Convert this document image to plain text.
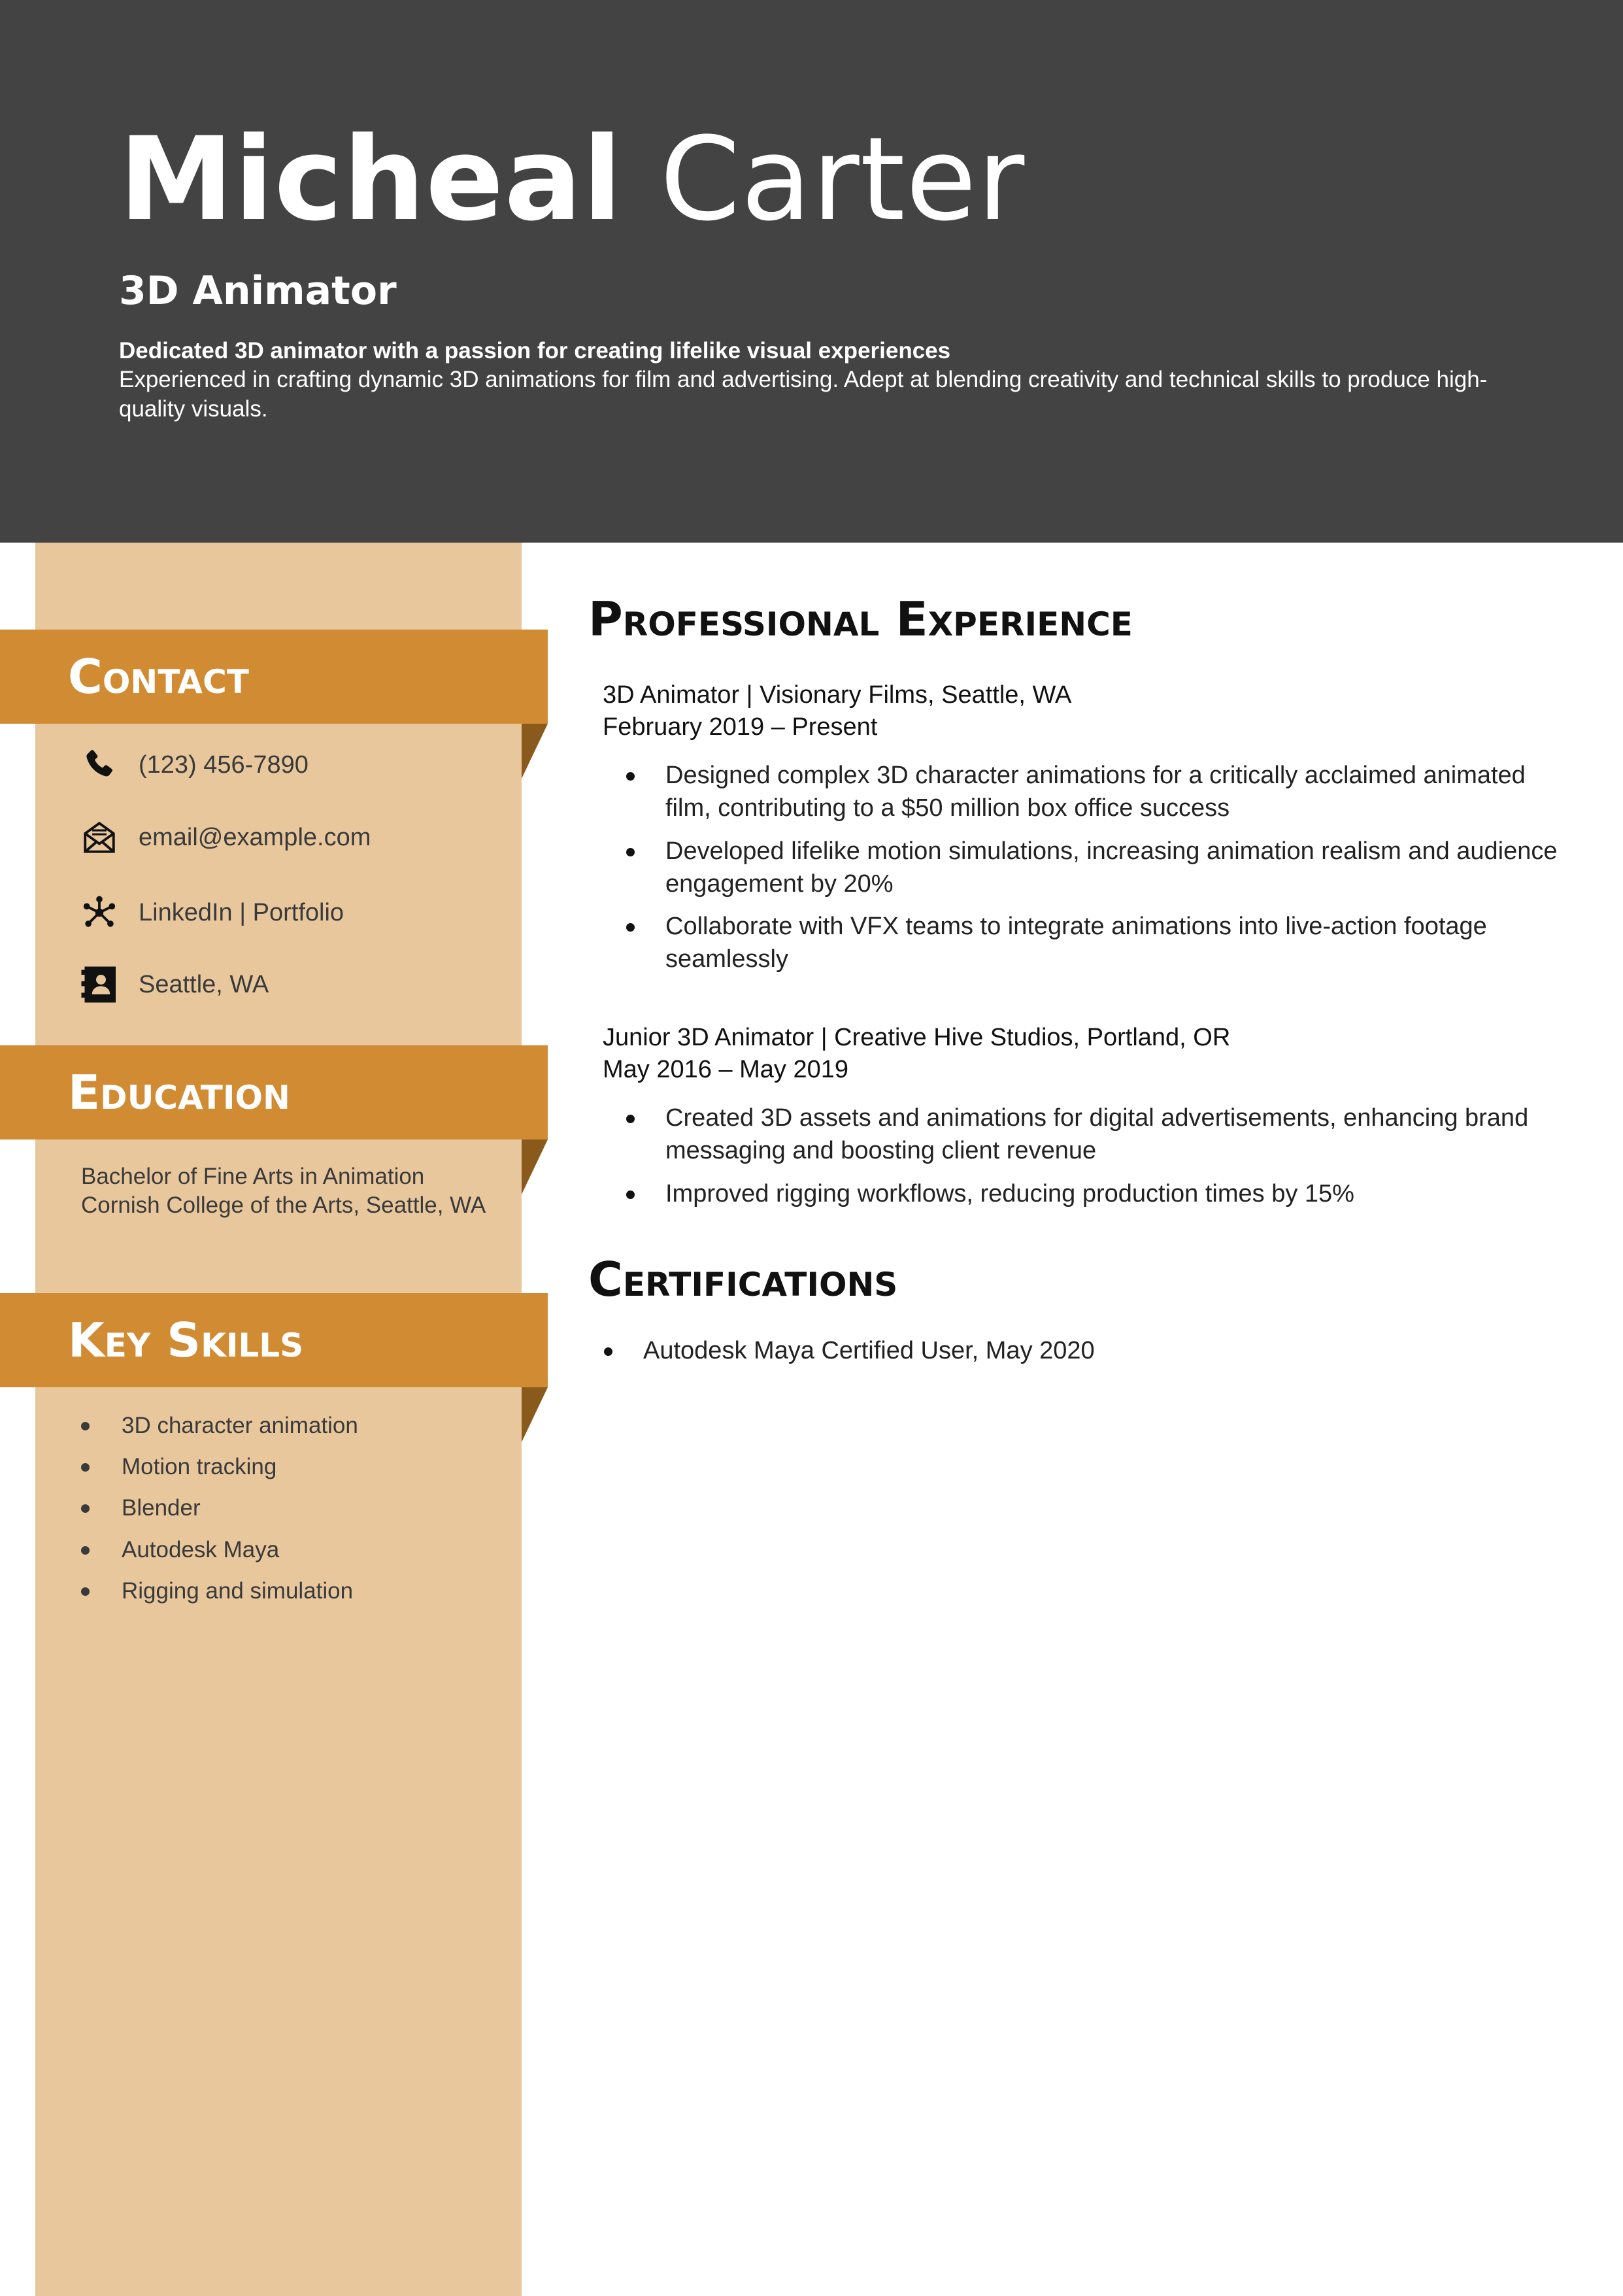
Micheal Carter
3D Animator
Dedicated 3D animator with a passion for creating lifelike visual experiences
Experienced in crafting dynamic 3D animations for film and advertising. Adept at blending creativity and technical skills to produce high-quality visuals.
Contact
(123) 456-7890
email@example.com
LinkedIn | Portfolio
Seattle, WA
Education
Bachelor of Fine Arts in Animation Cornish College of the Arts, Seattle, WA
Key Skills
3D character animation
Motion tracking
Blender
Autodesk Maya
Rigging and simulation
Professional Experience
3D Animator | Visionary Films, Seattle, WA
February 2019 – Present
Designed complex 3D character animations for a critically acclaimed animated film, contributing to a $50 million box office success
Developed lifelike motion simulations, increasing animation realism and audience engagement by 20%
Collaborate with VFX teams to integrate animations into live-action footage seamlessly
Junior 3D Animator | Creative Hive Studios, Portland, OR
May 2016 – May 2019
Created 3D assets and animations for digital advertisements, enhancing brand messaging and boosting client revenue
Improved rigging workflows, reducing production times by 15%
Certifications
Autodesk Maya Certified User, May 2020
